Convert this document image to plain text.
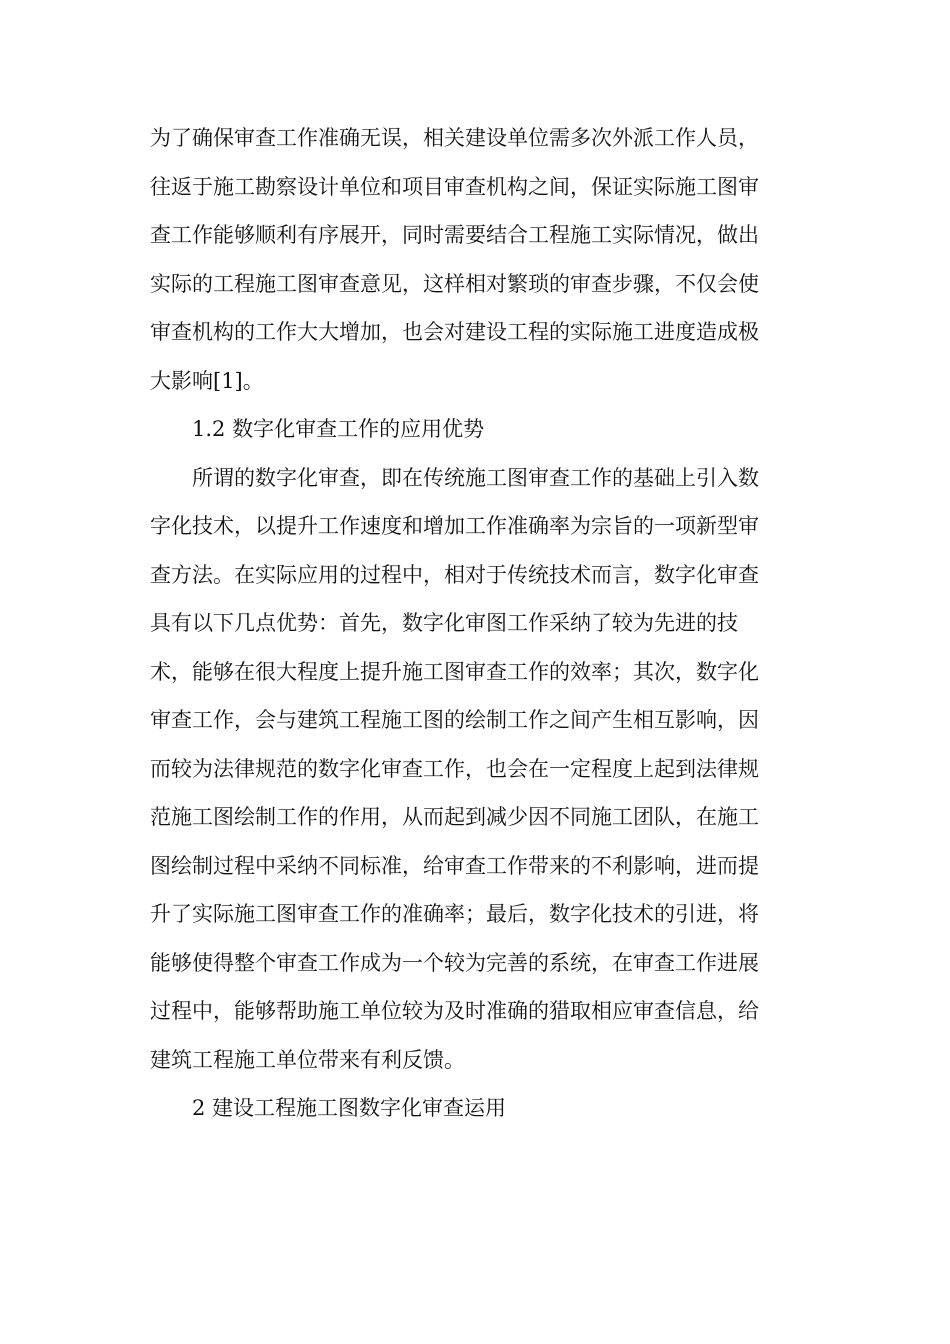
为了确保审查工作准确无误，相关建设单位需多次外派工作人员，
往返于施工勘察设计单位和项目审查机构之间，保证实际施工图审
查工作能够顺利有序展开，同时需要结合工程施工实际情况，做出
实际的工程施工图审查意见，这样相对繁琐的审查步骤，不仅会使
审查机构的工作大大增加，也会对建设工程的实际施工进度造成极
大影响[1]。
1.2 数字化审查工作的应用优势
所谓的数字化审查，即在传统施工图审查工作的基础上引入数
字化技术，以提升工作速度和增加工作准确率为宗旨的一项新型审
查方法。在实际应用的过程中，相对于传统技术而言，数字化审查
具有以下几点优势：首先，数字化审图工作采纳了较为先进的技
术，能够在很大程度上提升施工图审查工作的效率；其次，数字化
审查工作，会与建筑工程施工图的绘制工作之间产生相互影响，因
而较为法律规范的数字化审查工作，也会在一定程度上起到法律规
范施工图绘制工作的作用，从而起到减少因不同施工团队，在施工
图绘制过程中采纳不同标准，给审查工作带来的不利影响，进而提
升了实际施工图审查工作的准确率；最后，数字化技术的引进，将
能够使得整个审查工作成为一个较为完善的系统，在审查工作进展
过程中，能够帮助施工单位较为及时准确的猎取相应审查信息，给
建筑工程施工单位带来有利反馈。
2 建设工程施工图数字化审查运用
